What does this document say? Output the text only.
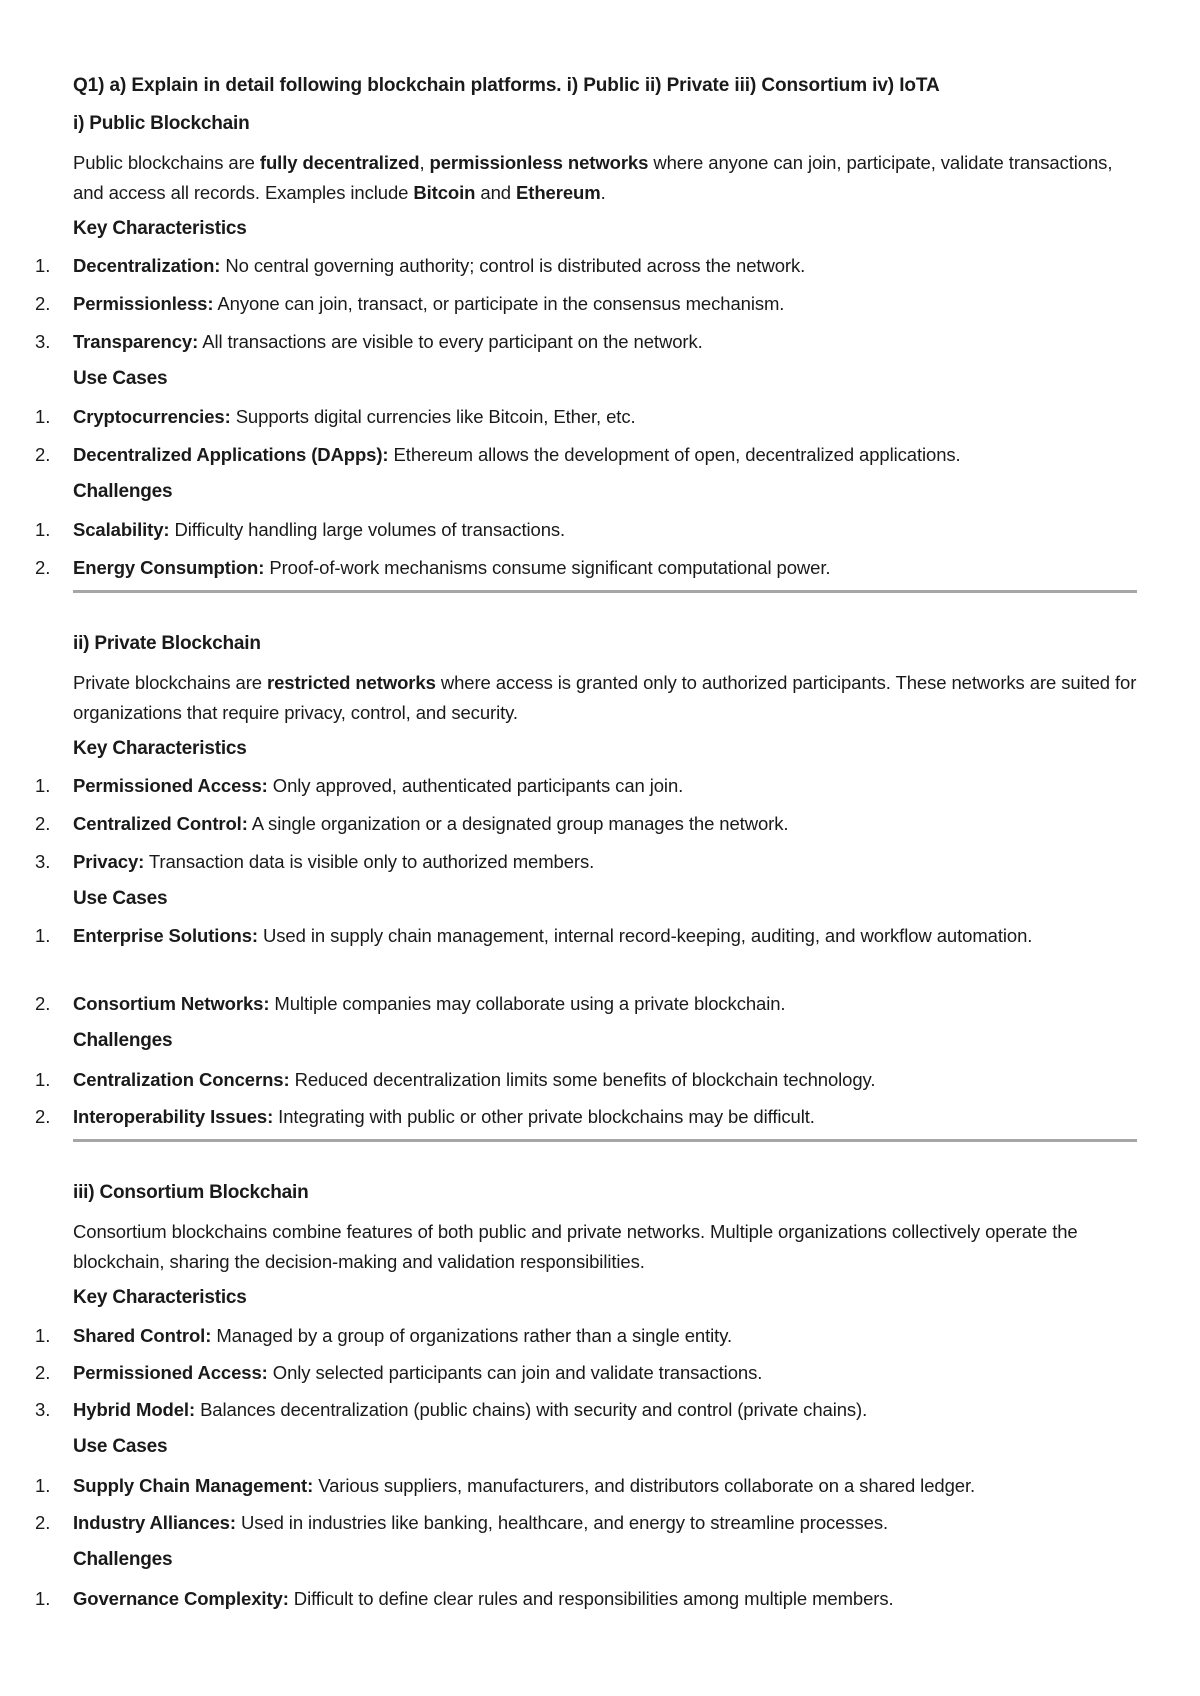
Q1) a) Explain in detail following blockchain platforms. i) Public ii) Private iii) Consortium iv) IoTA
i) Public Blockchain
Public blockchains are fully decentralized, permissionless networks where anyone can join, participate, validate transactions, and access all records. Examples include Bitcoin and Ethereum.
Key Characteristics
1.	Decentralization: No central governing authority; control is distributed across the network.
2.	Permissionless: Anyone can join, transact, or participate in the consensus mechanism.
3.	Transparency: All transactions are visible to every participant on the network.
Use Cases
1.	Cryptocurrencies: Supports digital currencies like Bitcoin, Ether, etc.
2.	Decentralized Applications (DApps): Ethereum allows the development of open, decentralized applications.
Challenges
1.	Scalability: Difficulty handling large volumes of transactions.
2.	Energy Consumption: Proof-of-work mechanisms consume significant computational power.
ii) Private Blockchain
Private blockchains are restricted networks where access is granted only to authorized participants. These networks are suited for organizations that require privacy, control, and security.
Key Characteristics
1.	Permissioned Access: Only approved, authenticated participants can join.
2.	Centralized Control: A single organization or a designated group manages the network.
3.	Privacy: Transaction data is visible only to authorized members.
Use Cases
1.	Enterprise Solutions: Used in supply chain management, internal record-keeping, auditing, and workflow automation.
2.	Consortium Networks: Multiple companies may collaborate using a private blockchain.
Challenges
1.	Centralization Concerns: Reduced decentralization limits some benefits of blockchain technology.
2.	Interoperability Issues: Integrating with public or other private blockchains may be difficult.
iii) Consortium Blockchain
Consortium blockchains combine features of both public and private networks. Multiple organizations collectively operate the blockchain, sharing the decision-making and validation responsibilities.
Key Characteristics
1.	Shared Control: Managed by a group of organizations rather than a single entity.
2.	Permissioned Access: Only selected participants can join and validate transactions.
3.	Hybrid Model: Balances decentralization (public chains) with security and control (private chains).
Use Cases
1.	Supply Chain Management: Various suppliers, manufacturers, and distributors collaborate on a shared ledger.
2.	Industry Alliances: Used in industries like banking, healthcare, and energy to streamline processes.
Challenges
1.	Governance Complexity: Difficult to define clear rules and responsibilities among multiple members.
